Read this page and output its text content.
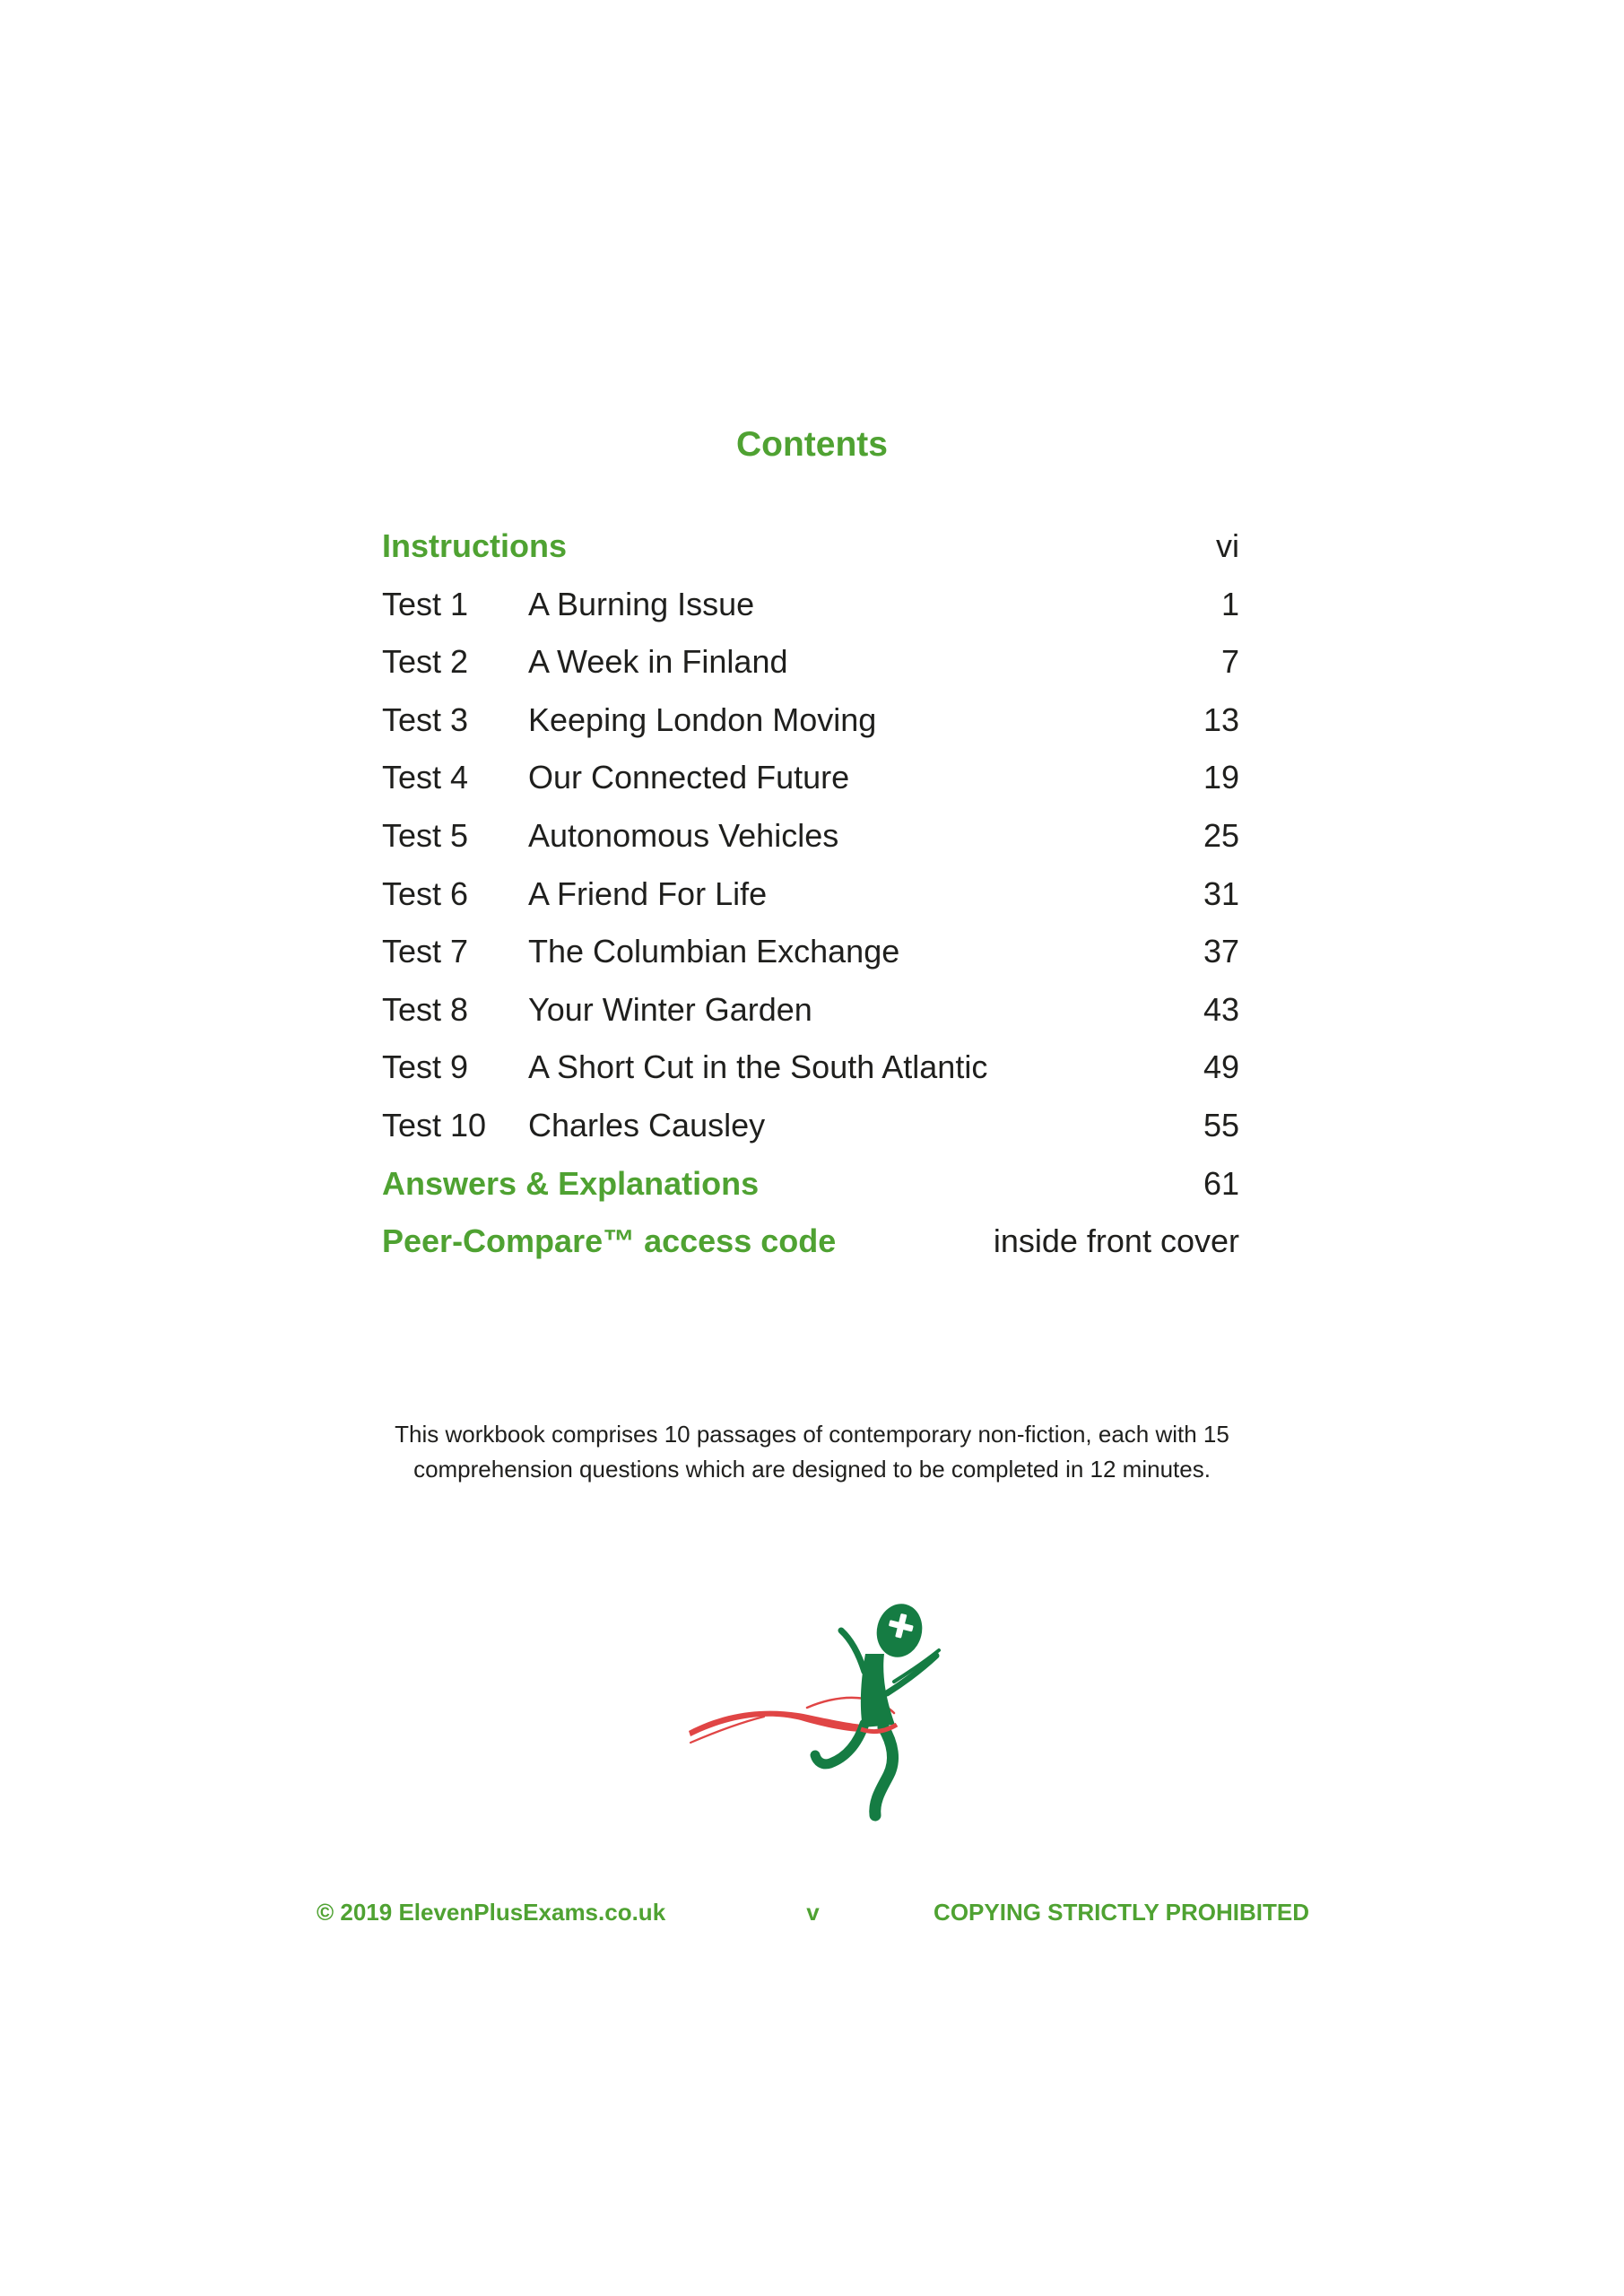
Contents
Instructions	vi
Test 1	A Burning Issue	1
Test 2	A Week in Finland	7
Test 3	Keeping London Moving	13
Test 4	Our Connected Future	19
Test 5	Autonomous Vehicles	25
Test 6	A Friend For Life	31
Test 7	The Columbian Exchange	37
Test 8	Your Winter Garden	43
Test 9	A Short Cut in the South Atlantic	49
Test 10	Charles Causley	55
Answers & Explanations	61
Peer-Compare™ access code	inside front cover
This workbook comprises 10 passages of contemporary non-fiction, each with 15
comprehension questions which are designed to be completed in 12 minutes.
© 2019 ElevenPlusExams.co.uk	v	COPYING STRICTLY PROHIBITED
